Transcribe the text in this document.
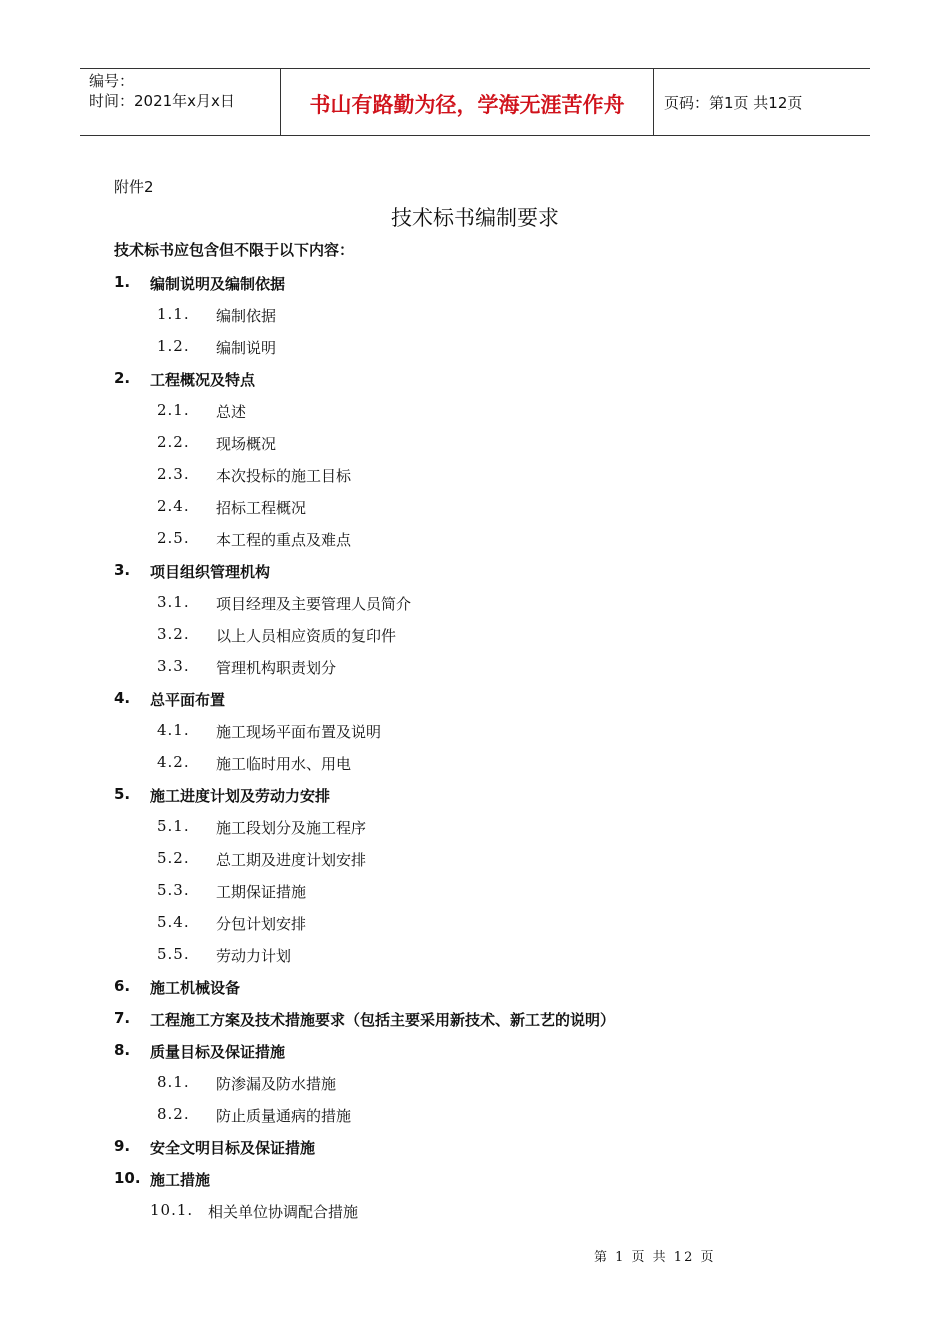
编号：
时间：2021年x月x日	书山有路勤为径，学海无涯苦作舟	页码：第1页 共12页
附件2
技术标书编制要求
技术标书应包含但不限于以下内容：
1. 编制说明及编制依据
1.1. 编制依据
1.2. 编制说明
2. 工程概况及特点
2.1. 总述
2.2. 现场概况
2.3. 本次投标的施工目标
2.4. 招标工程概况
2.5. 本工程的重点及难点
3. 项目组织管理机构
3.1. 项目经理及主要管理人员简介
3.2. 以上人员相应资质的复印件
3.3. 管理机构职责划分
4. 总平面布置
4.1. 施工现场平面布置及说明
4.2. 施工临时用水、用电
5. 施工进度计划及劳动力安排
5.1. 施工段划分及施工程序
5.2. 总工期及进度计划安排
5.3. 工期保证措施
5.4. 分包计划安排
5.5. 劳动力计划
6. 施工机械设备
7. 工程施工方案及技术措施要求（包括主要采用新技术、新工艺的说明）
8. 质量目标及保证措施
8.1. 防渗漏及防水措施
8.2. 防止质量通病的措施
9. 安全文明目标及保证措施
10. 施工措施
10.1. 相关单位协调配合措施
第 1 页 共 12 页
